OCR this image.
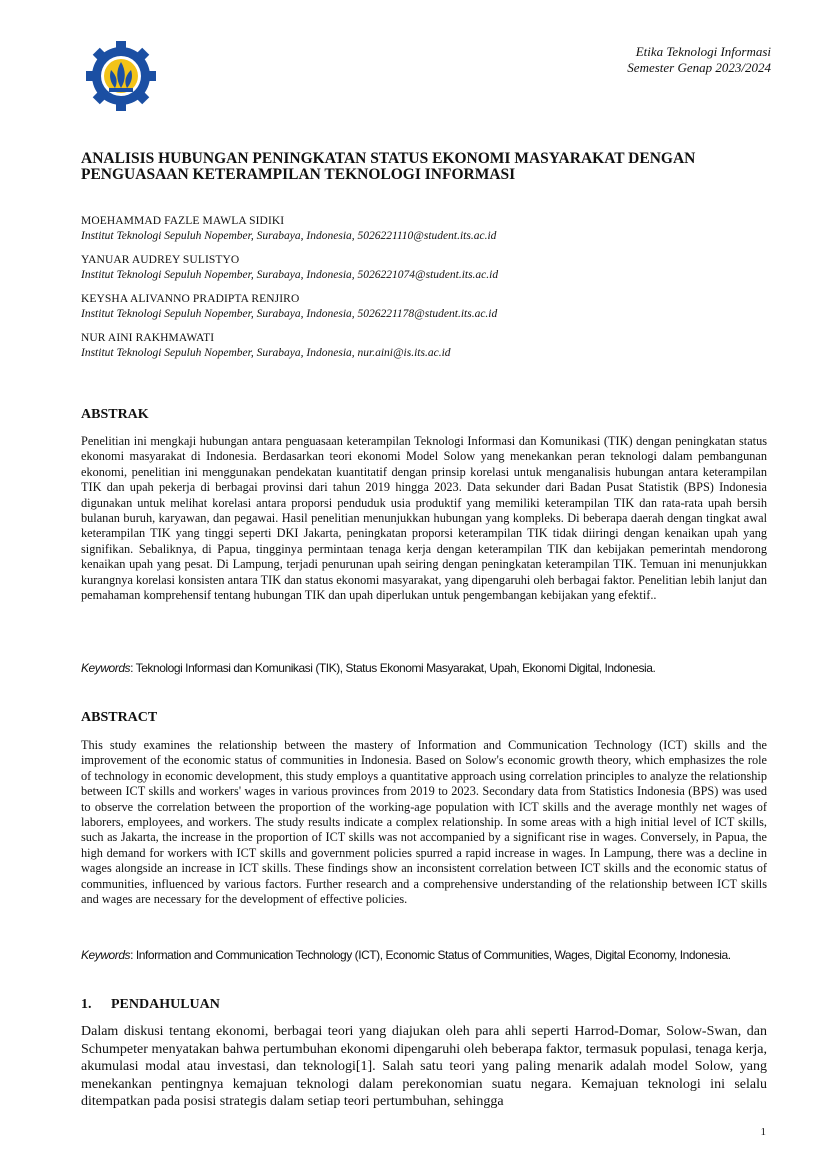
Etika Teknologi Informasi
Semester Genap 2023/2024
ANALISIS HUBUNGAN PENINGKATAN STATUS EKONOMI MASYARAKAT DENGAN PENGUASAAN KETERAMPILAN TEKNOLOGI INFORMASI
MOEHAMMAD FAZLE MAWLA SIDIKI
Institut Teknologi Sepuluh Nopember, Surabaya, Indonesia, 5026221110@student.its.ac.id
YANUAR AUDREY SULISTYO
Institut Teknologi Sepuluh Nopember, Surabaya, Indonesia, 5026221074@student.its.ac.id
KEYSHA ALIVANNO PRADIPTA RENJIRO
Institut Teknologi Sepuluh Nopember, Surabaya, Indonesia, 5026221178@student.its.ac.id
NUR AINI RAKHMAWATI
Institut Teknologi Sepuluh Nopember, Surabaya, Indonesia, nur.aini@is.its.ac.id
ABSTRAK
Penelitian ini mengkaji hubungan antara penguasaan keterampilan Teknologi Informasi dan Komunikasi (TIK) dengan peningkatan status ekonomi masyarakat di Indonesia. Berdasarkan teori ekonomi Model Solow yang menekankan peran teknologi dalam pembangunan ekonomi, penelitian ini menggunakan pendekatan kuantitatif dengan prinsip korelasi untuk menganalisis hubungan antara keterampilan TIK dan upah pekerja di berbagai provinsi dari tahun 2019 hingga 2023. Data sekunder dari Badan Pusat Statistik (BPS) Indonesia digunakan untuk melihat korelasi antara proporsi penduduk usia produktif yang memiliki keterampilan TIK dan rata-rata upah bersih bulanan buruh, karyawan, dan pegawai. Hasil penelitian menunjukkan hubungan yang kompleks. Di beberapa daerah dengan tingkat awal keterampilan TIK yang tinggi seperti DKI Jakarta, peningkatan proporsi keterampilan TIK tidak diiringi dengan kenaikan upah yang signifikan. Sebaliknya, di Papua, tingginya permintaan tenaga kerja dengan keterampilan TIK dan kebijakan pemerintah mendorong kenaikan upah yang pesat. Di Lampung, terjadi penurunan upah seiring dengan peningkatan keterampilan TIK. Temuan ini menunjukkan kurangnya korelasi konsisten antara TIK dan status ekonomi masyarakat, yang dipengaruhi oleh berbagai faktor. Penelitian lebih lanjut dan pemahaman komprehensif tentang hubungan TIK dan upah diperlukan untuk pengembangan kebijakan yang efektif..
Keywords: Teknologi Informasi dan Komunikasi (TIK), Status Ekonomi Masyarakat, Upah, Ekonomi Digital, Indonesia.
ABSTRACT
This study examines the relationship between the mastery of Information and Communication Technology (ICT) skills and the improvement of the economic status of communities in Indonesia. Based on Solow's economic growth theory, which emphasizes the role of technology in economic development, this study employs a quantitative approach using correlation principles to analyze the relationship between ICT skills and workers' wages in various provinces from 2019 to 2023. Secondary data from Statistics Indonesia (BPS) was used to observe the correlation between the proportion of the working-age population with ICT skills and the average monthly net wages of laborers, employees, and workers. The study results indicate a complex relationship. In some areas with a high initial level of ICT skills, such as Jakarta, the increase in the proportion of ICT skills was not accompanied by a significant rise in wages. Conversely, in Papua, the high demand for workers with ICT skills and government policies spurred a rapid increase in wages. In Lampung, there was a decline in wages alongside an increase in ICT skills. These findings show an inconsistent correlation between ICT skills and the economic status of communities, influenced by various factors. Further research and a comprehensive understanding of the relationship between ICT skills and wages are necessary for the development of effective policies.
Keywords: Information and Communication Technology (ICT), Economic Status of Communities, Wages, Digital Economy, Indonesia.
1. PENDAHULUAN
Dalam diskusi tentang ekonomi, berbagai teori yang diajukan oleh para ahli seperti Harrod-Domar, Solow-Swan, dan Schumpeter menyatakan bahwa pertumbuhan ekonomi dipengaruhi oleh beberapa faktor, termasuk populasi, tenaga kerja, akumulasi modal atau investasi, dan teknologi[1]. Salah satu teori yang paling menarik adalah model Solow, yang menekankan pentingnya kemajuan teknologi dalam perekonomian suatu negara. Kemajuan teknologi ini selalu ditempatkan pada posisi strategis dalam setiap teori pertumbuhan, sehingga
1
